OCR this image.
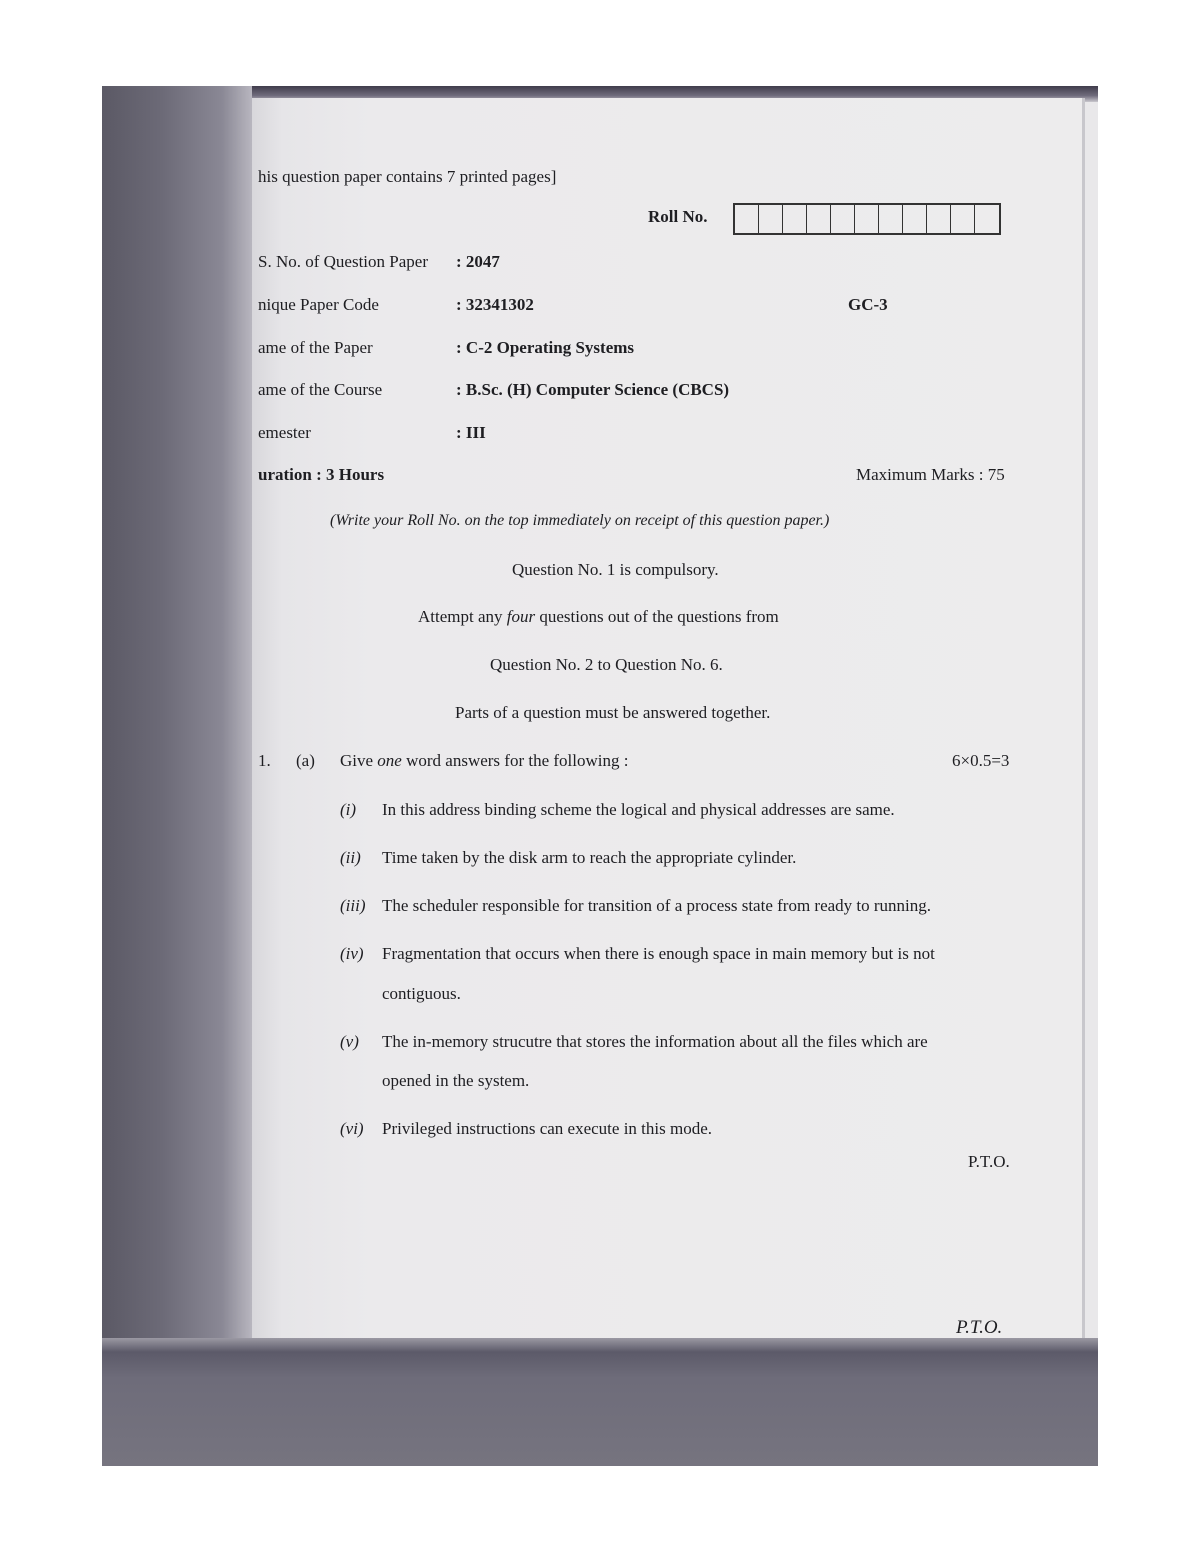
his question paper contains 7 printed pages]
Roll No.
S. No. of Question Paper : 2047
nique Paper Code	: 32341302	GC-3
ame of the Paper	: C-2 Operating Systems
ame of the Course	: B.Sc. (H) Computer Science (CBCS)
emester	: III
uration : 3 Hours	Maximum Marks : 75
(Write your Roll No. on the top immediately on receipt of this question paper.)
Question No. 1 is compulsory.
Attempt any four questions out of the questions from
Question No. 2 to Question No. 6.
Parts of a question must be answered together.
1. (a) Give one word answers for the following :	6×0.5=3
(i) In this address binding scheme the logical and physical addresses are same.
(ii) Time taken by the disk arm to reach the appropriate cylinder.
(iii) The scheduler responsible for transition of a process state from ready to running.
(iv) Fragmentation that occurs when there is enough space in main memory but is not
contiguous.
(v) The in-memory strucutre that stores the information about all the files which are
opened in the system.
(vi) Privileged instructions can execute in this mode.
P.T.O.
P.T.O.
